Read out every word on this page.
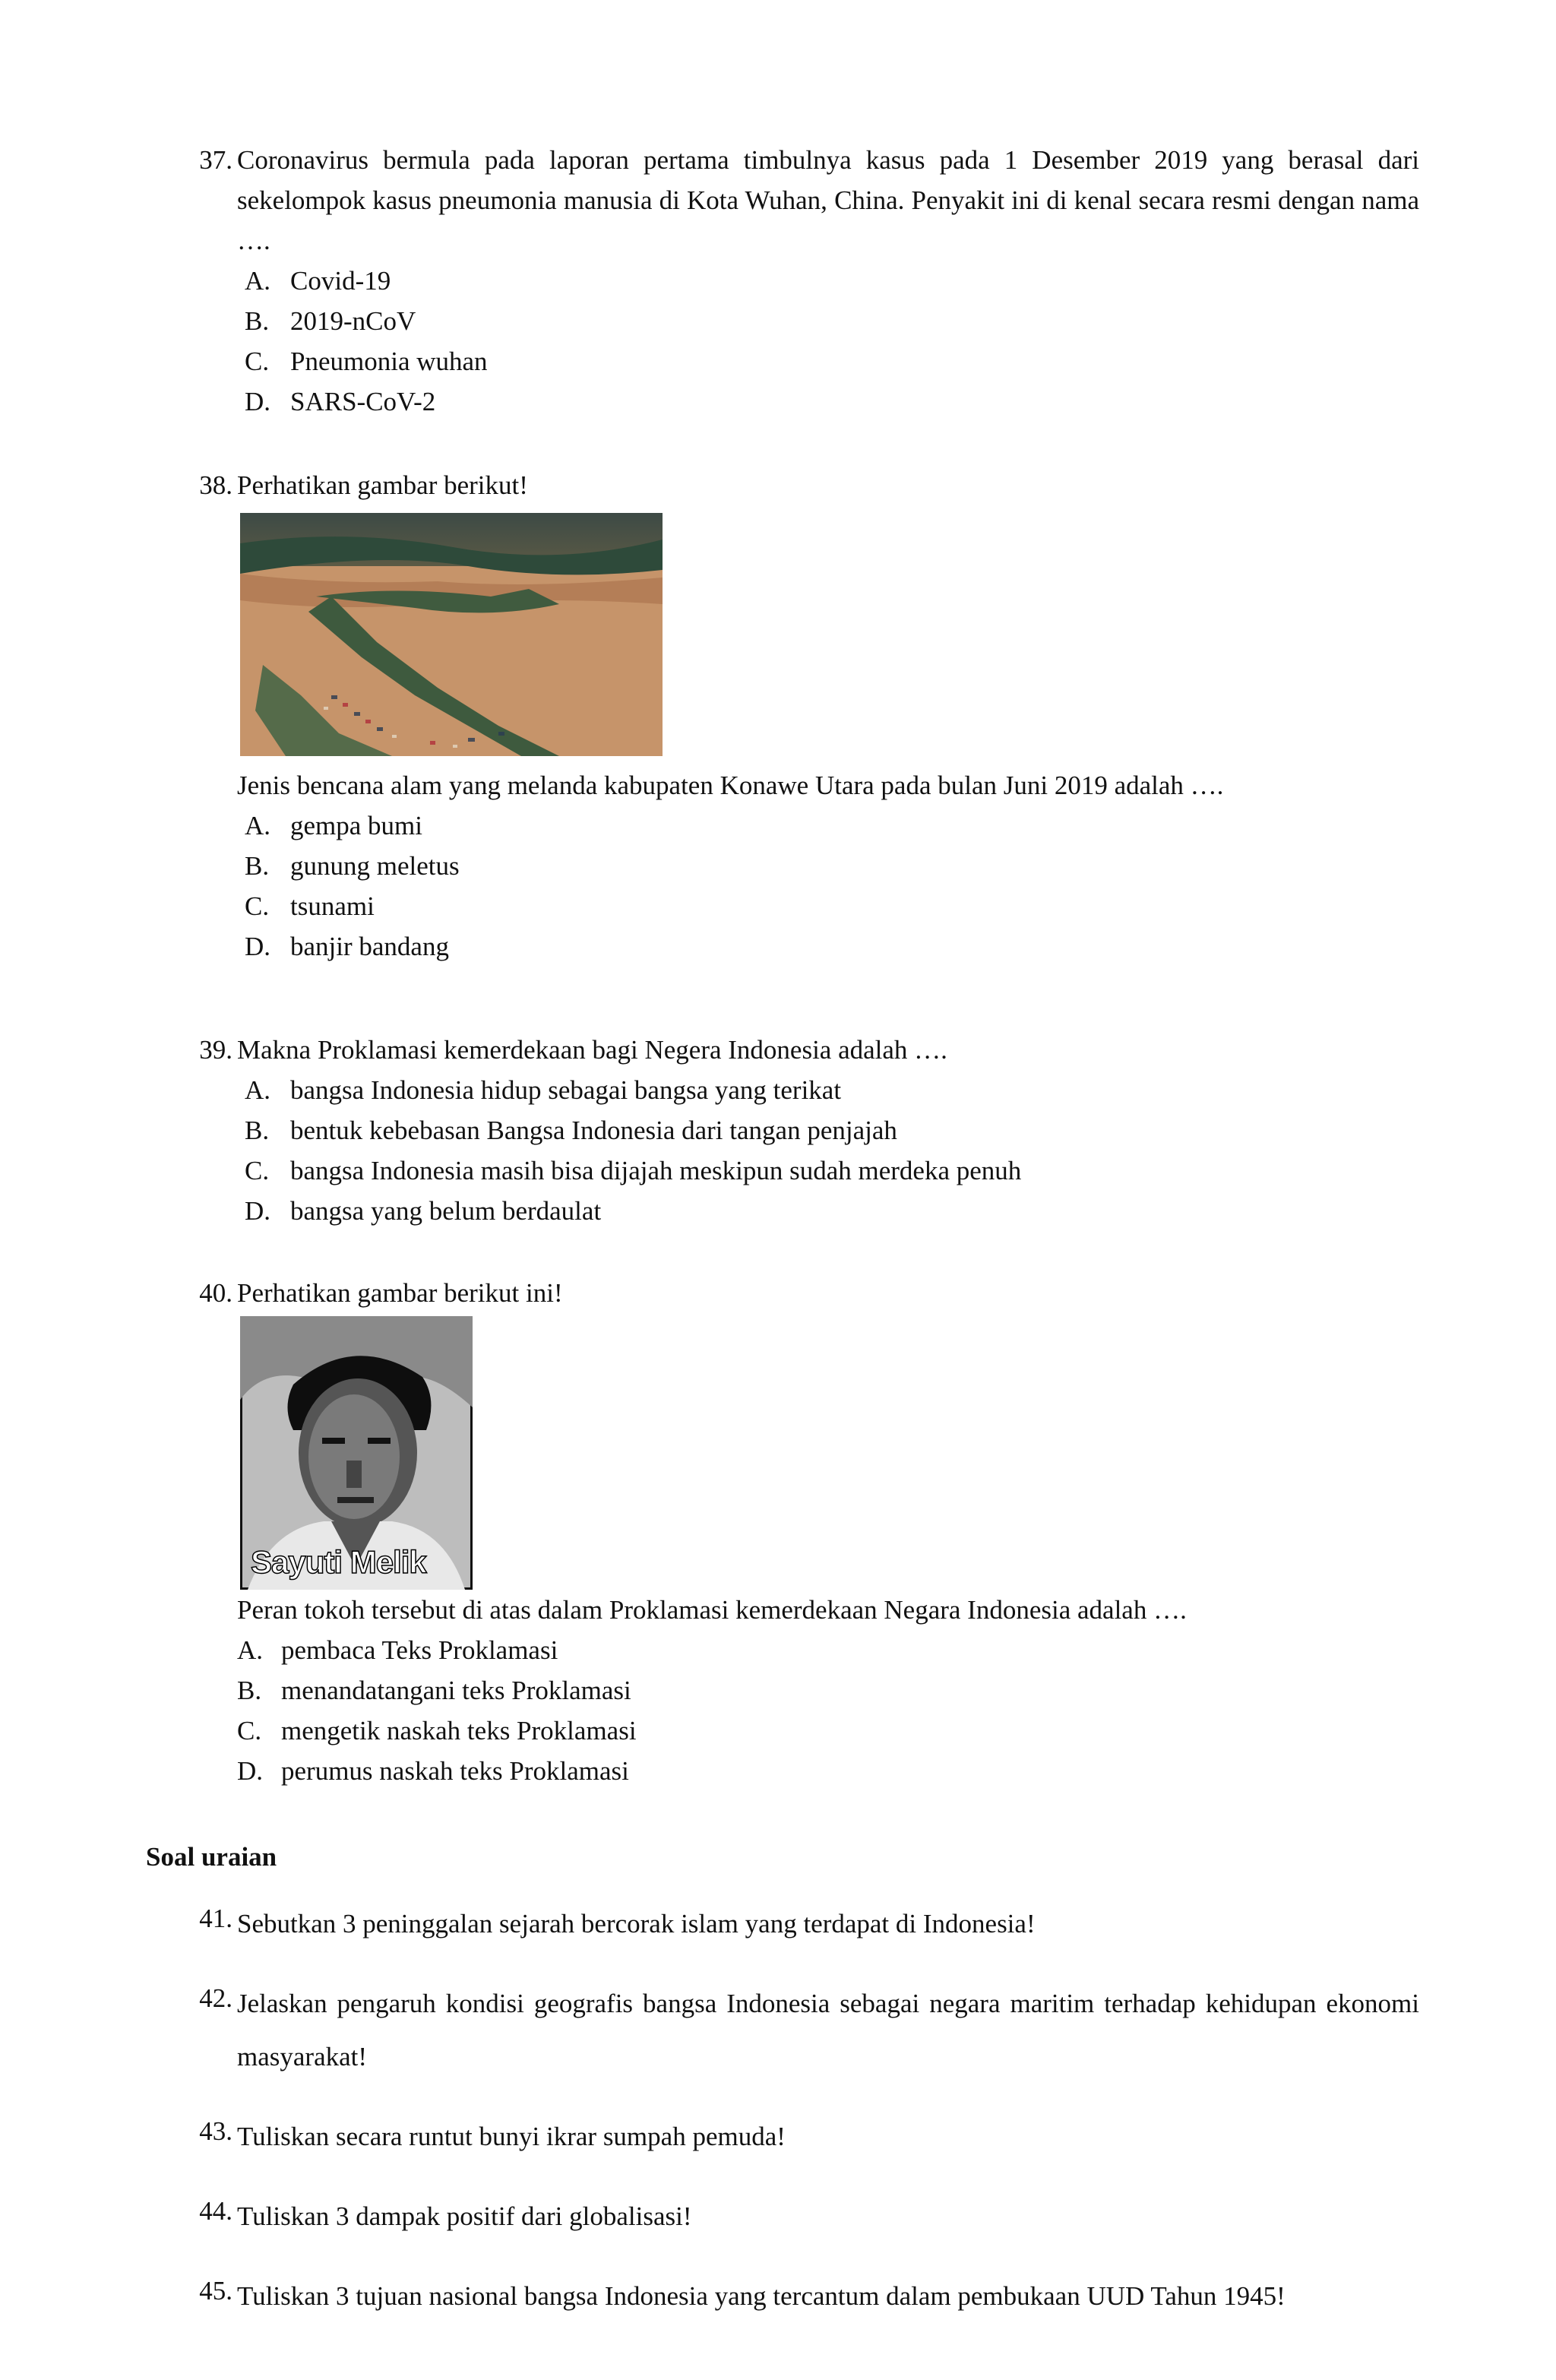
37. Coronavirus bermula pada laporan pertama timbulnya kasus pada 1 Desember 2019 yang berasal dari sekelompok kasus pneumonia manusia di Kota Wuhan, China. Penyakit ini di kenal secara resmi dengan nama ….

A. Covid-19
B. 2019-nCoV
C. Pneumonia wuhan
D. SARS-CoV-2
38. Perhatikan gambar berikut!

Jenis bencana alam yang melanda kabupaten Konawe Utara pada bulan Juni 2019 adalah ….

A. gempa bumi
B. gunung meletus
C. tsunami
D. banjir bandang
39. Makna Proklamasi kemerdekaan bagi Negera Indonesia adalah ….

A. bangsa Indonesia hidup sebagai bangsa yang terikat
B. bentuk kebebasan Bangsa Indonesia dari tangan penjajah
C. bangsa Indonesia masih bisa dijajah meskipun sudah merdeka penuh
D. bangsa yang belum berdaulat
40. Perhatikan gambar berikut ini!

Sayuti Melik

Peran tokoh tersebut di atas dalam Proklamasi kemerdekaan Negara Indonesia adalah ….

A. pembaca Teks Proklamasi
B. menandatangani teks Proklamasi
C. mengetik naskah teks Proklamasi
D. perumus naskah teks Proklamasi
Soal uraian
41. Sebutkan 3 peninggalan sejarah bercorak islam yang terdapat di Indonesia!

42. Jelaskan pengaruh kondisi geografis bangsa Indonesia sebagai negara maritim terhadap kehidupan ekonomi masyarakat!

43. Tuliskan secara runtut bunyi ikrar sumpah pemuda!

44. Tuliskan 3 dampak positif dari globalisasi!

45. Tuliskan 3 tujuan nasional bangsa Indonesia yang tercantum dalam pembukaan UUD Tahun 1945!
